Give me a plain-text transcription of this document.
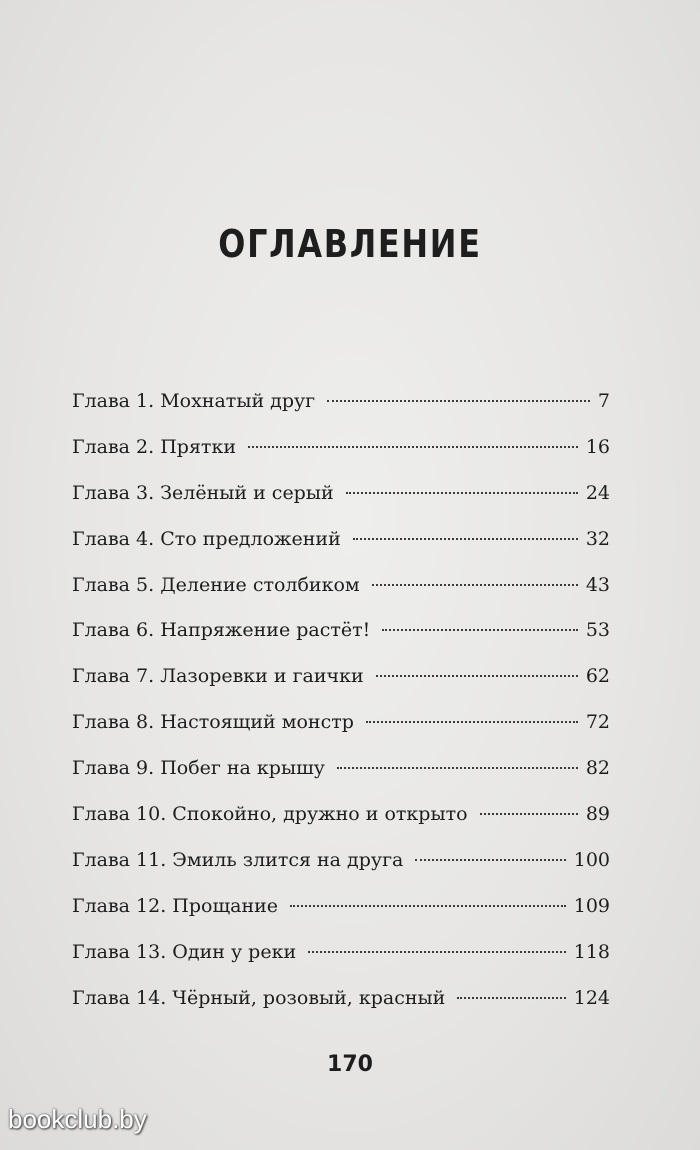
ОГЛАВЛЕНИЕ
Глава 1. Мохнатый друг	7
Глава 2. Прятки	16
Глава 3. Зелёный и серый	24
Глава 4. Сто предложений	32
Глава 5. Деление столбиком	43
Глава 6. Напряжение растёт!	53
Глава 7. Лазоревки и гаички	62
Глава 8. Настоящий монстр	72
Глава 9. Побег на крышу	82
Глава 10. Спокойно, дружно и открыто	89
Глава 11. Эмиль злится на друга	100
Глава 12. Прощание	109
Глава 13. Один у реки	118
Глава 14. Чёрный, розовый, красный	124
170
bookclub.by
